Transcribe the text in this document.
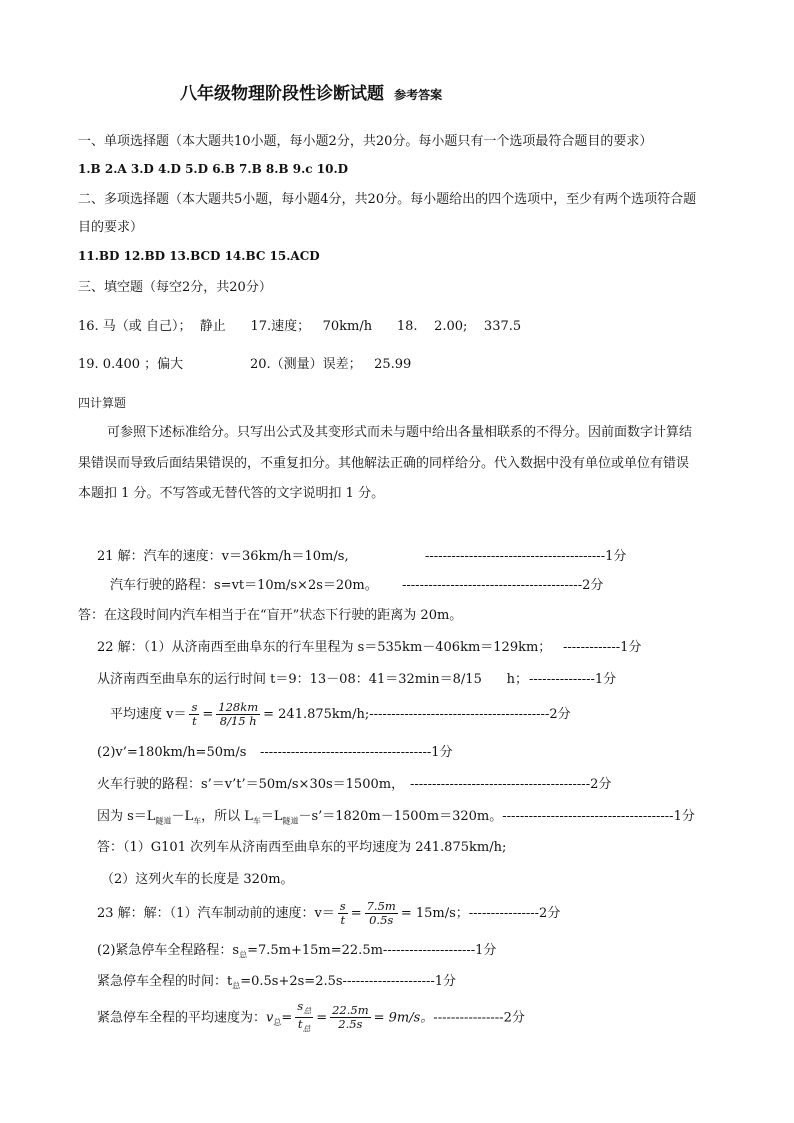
八年级物理阶段性诊断试题 参考答案
一、单项选择题（本大题共10小题，每小题2分，共20分。每小题只有一个选项最符合题目的要求）
1.B 2.A 3.D 4.D 5.D 6.B 7.B 8.B 9.c 10.D
二、多项选择题（本大题共5小题，每小题4分，共20分。每小题给出的四个选项中，至少有两个选项符合题
目的要求）
11.BD 12.BD 13.BCD 14.BC 15.ACD
三、填空题（每空2分，共20分）
16. 马（或 自己）；  静止      17.速度；   70km/h      18.    2.00;    337.5
19. 0.400 ；偏大	20.（测量）误差；   25.99
四计算题
可参照下述标准给分。只写出公式及其变形式而未与题中给出各量相联系的不得分。因前面数字计算结
果错误而导致后面结果错误的，不重复扣分。其他解法正确的同样给分。代入数据中没有单位或单位有错误
本题扣 1 分。不写答或无替代答的文字说明扣 1 分。
21 解：汽车的速度：v＝36km/h＝10m/s,	-----------------------------------------1分
汽车行驶的路程：s=vt＝10m/s×2s＝20m。 -----------------------------------------2分
答：在这段时间内汽车相当于在“盲开”状态下行驶的距离为 20m。
22 解：（1）从济南西至曲阜东的行车里程为 s＝535km－406km＝129km； -------------1分
从济南西至曲阜东的运行时间 t＝9：13－08：41＝32min＝8/15      h； ---------------1分
平均速度 $v= \frac{s}{t} = \frac{128km}{8/15 h}$ = 241.875km/h;-----------------------------------------2分
(2)v’=180km/h=50m/s ---------------------------------------1分
火车行驶的路程：s’＝v’t’＝50m/s×30s＝1500m， -----------------------------------------2分
因为 $s=L_{隧道}-L_车$，所以 $L_车=L_{隧道}-s’=1820m-1500m=320m$。---------------------------------------1分
答：（1）G101 次列车从济南西至曲阜东的平均速度为 241.875km/h;
（2）这列火车的长度是 320m。
23 解：解：（1）汽车制动前的速度：$v= \frac{s}{t} = \frac{7.5m}{0.5s} = 15m/s$；----------------2分
(2)紧急停车全程路程：$s_总=7.5m+15m=22.5m---------------------1$分
紧急停车全程的时间：$t_总=0.5s+2s=2.5s---------------------1$分
紧急停车全程的平均速度为：$v_总= \frac{s_总}{t_总} = \frac{22.5m}{2.5s} = 9m/s$。----------------2分
